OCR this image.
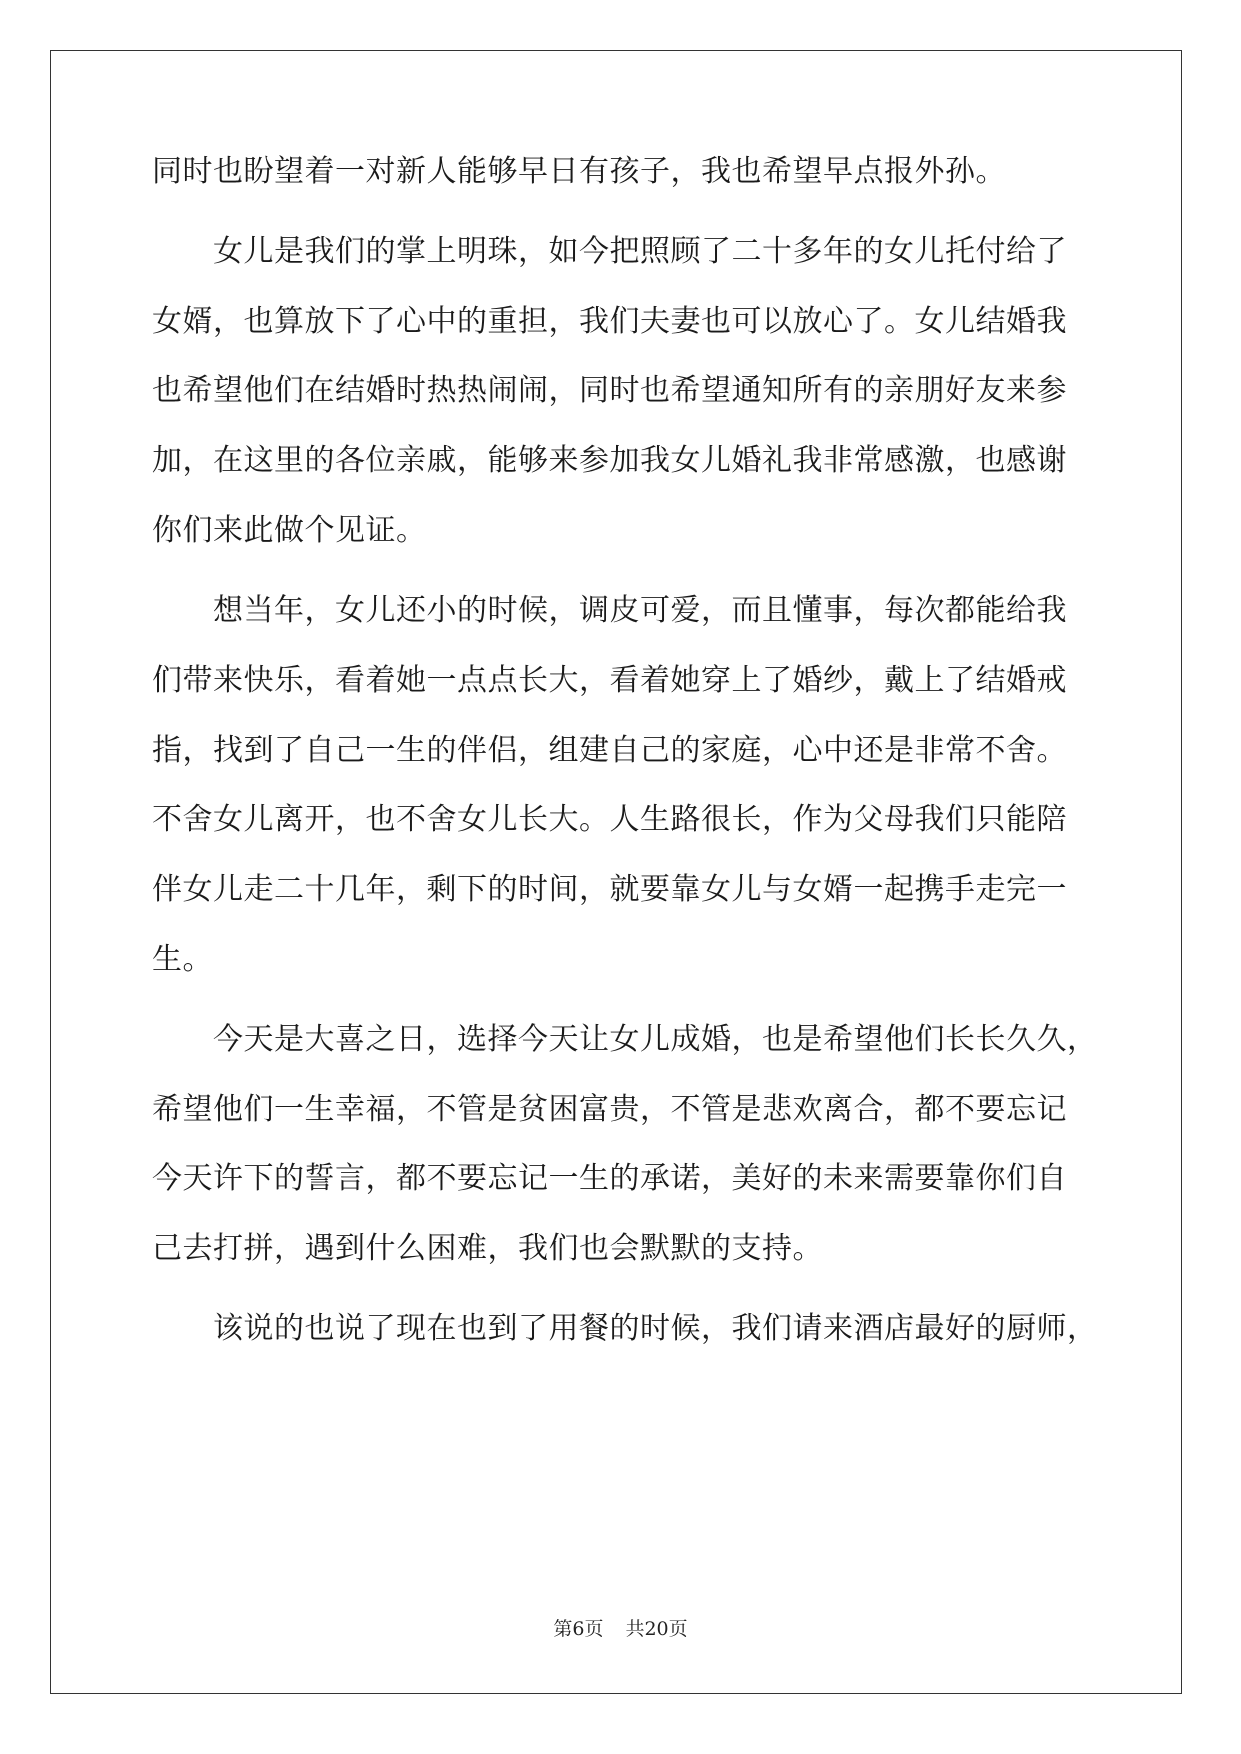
同时也盼望着一对新人能够早日有孩子，我也希望早点报外孙。
　　女儿是我们的掌上明珠，如今把照顾了二十多年的女儿托付给了
女婿，也算放下了心中的重担，我们夫妻也可以放心了。女儿结婚我
也希望他们在结婚时热热闹闹，同时也希望通知所有的亲朋好友来参
加，在这里的各位亲戚，能够来参加我女儿婚礼我非常感激，也感谢
你们来此做个见证。
　　想当年，女儿还小的时候，调皮可爱，而且懂事，每次都能给我
们带来快乐，看着她一点点长大，看着她穿上了婚纱，戴上了结婚戒
指，找到了自己一生的伴侣，组建自己的家庭，心中还是非常不舍。
不舍女儿离开，也不舍女儿长大。人生路很长，作为父母我们只能陪
伴女儿走二十几年，剩下的时间，就要靠女儿与女婿一起携手走完一
生。
　　今天是大喜之日，选择今天让女儿成婚，也是希望他们长长久久，
希望他们一生幸福，不管是贫困富贵，不管是悲欢离合，都不要忘记
今天许下的誓言，都不要忘记一生的承诺，美好的未来需要靠你们自
己去打拼，遇到什么困难，我们也会默默的支持。
　　该说的也说了现在也到了用餐的时候，我们请来酒店最好的厨师，
第6页 共20页
